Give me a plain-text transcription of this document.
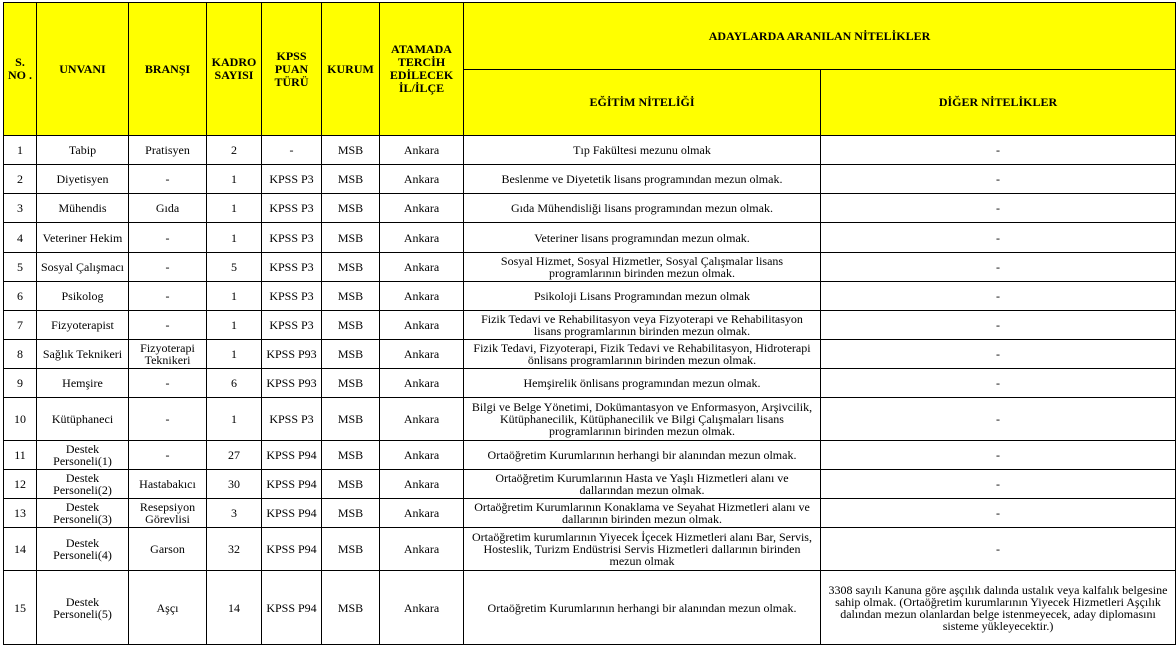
S. NO .	UNVANI	BRANŞI	KADRO SAYISI	KPSS PUAN TÜRÜ	KURUM	ATAMADA TERCİH EDİLECEK İL/İLÇE	ADAYLARDA ARANILAN NİTELİKLER	
							EĞİTİM NİTELİĞİ	DİĞER NİTELİKLER
1	Tabip	Pratisyen	2	-	MSB	Ankara	Tıp Fakültesi mezunu olmak	-
2	Diyetisyen	-	1	KPSS P3	MSB	Ankara	Beslenme ve Diyetetik lisans programından mezun olmak.	-
3	Mühendis	Gıda	1	KPSS P3	MSB	Ankara	Gıda Mühendisliği lisans programından mezun olmak.	-
4	Veteriner Hekim	-	1	KPSS P3	MSB	Ankara	Veteriner lisans programından mezun olmak.	-
5	Sosyal Çalışmacı	-	5	KPSS P3	MSB	Ankara	Sosyal Hizmet, Sosyal Hizmetler, Sosyal Çalışmalar lisans programlarının birinden mezun olmak.	-
6	Psikolog	-	1	KPSS P3	MSB	Ankara	Psikoloji Lisans Programından mezun olmak	-
7	Fizyoterapist	-	1	KPSS P3	MSB	Ankara	Fizik Tedavi ve Rehabilitasyon veya Fizyoterapi ve Rehabilitasyon lisans programlarının birinden mezun olmak.	-
8	Sağlık Teknikeri	Fizyoterapi Teknikeri	1	KPSS P93	MSB	Ankara	Fizik Tedavi, Fizyoterapi, Fizik Tedavi ve Rehabilitasyon, Hidroterapi önlisans programlarının birinden mezun olmak.	-
9	Hemşire	-	6	KPSS P93	MSB	Ankara	Hemşirelik önlisans programından mezun olmak.	-
10	Kütüphaneci	-	1	KPSS P3	MSB	Ankara	Bilgi ve Belge Yönetimi, Dokümantasyon ve Enformasyon, Arşivcilik, Kütüphanecilik, Kütüphanecilik ve Bilgi Çalışmaları lisans programlarının birinden mezun olmak.	-
11	Destek Personeli(1)	-	27	KPSS P94	MSB	Ankara	Ortaöğretim Kurumlarının herhangi bir alanından mezun olmak.	-
12	Destek Personeli(2)	Hastabakıcı	30	KPSS P94	MSB	Ankara	Ortaöğretim Kurumlarının Hasta ve Yaşlı Hizmetleri alanı ve dallarından mezun olmak.	-
13	Destek Personeli(3)	Resepsiyon Görevlisi	3	KPSS P94	MSB	Ankara	Ortaöğretim Kurumlarının Konaklama ve Seyahat Hizmetleri alanı ve dallarının birinden mezun olmak.	-
14	Destek Personeli(4)	Garson	32	KPSS P94	MSB	Ankara	Ortaöğretim kurumlarının Yiyecek İçecek Hizmetleri alanı Bar, Servis, Hosteslik, Turizm Endüstrisi Servis Hizmetleri dallarının birinden mezun olmak	-
15	Destek Personeli(5)	Aşçı	14	KPSS P94	MSB	Ankara	Ortaöğretim Kurumlarının herhangi bir alanından mezun olmak.	3308 sayılı Kanuna göre aşçılık dalında ustalık veya kalfalık belgesine sahip olmak. (Ortaöğretim kurumlarının Yiyecek Hizmetleri Aşçılık dalından mezun olanlardan belge istenmeyecek, aday diplomasını sisteme yükleyecektir.)
